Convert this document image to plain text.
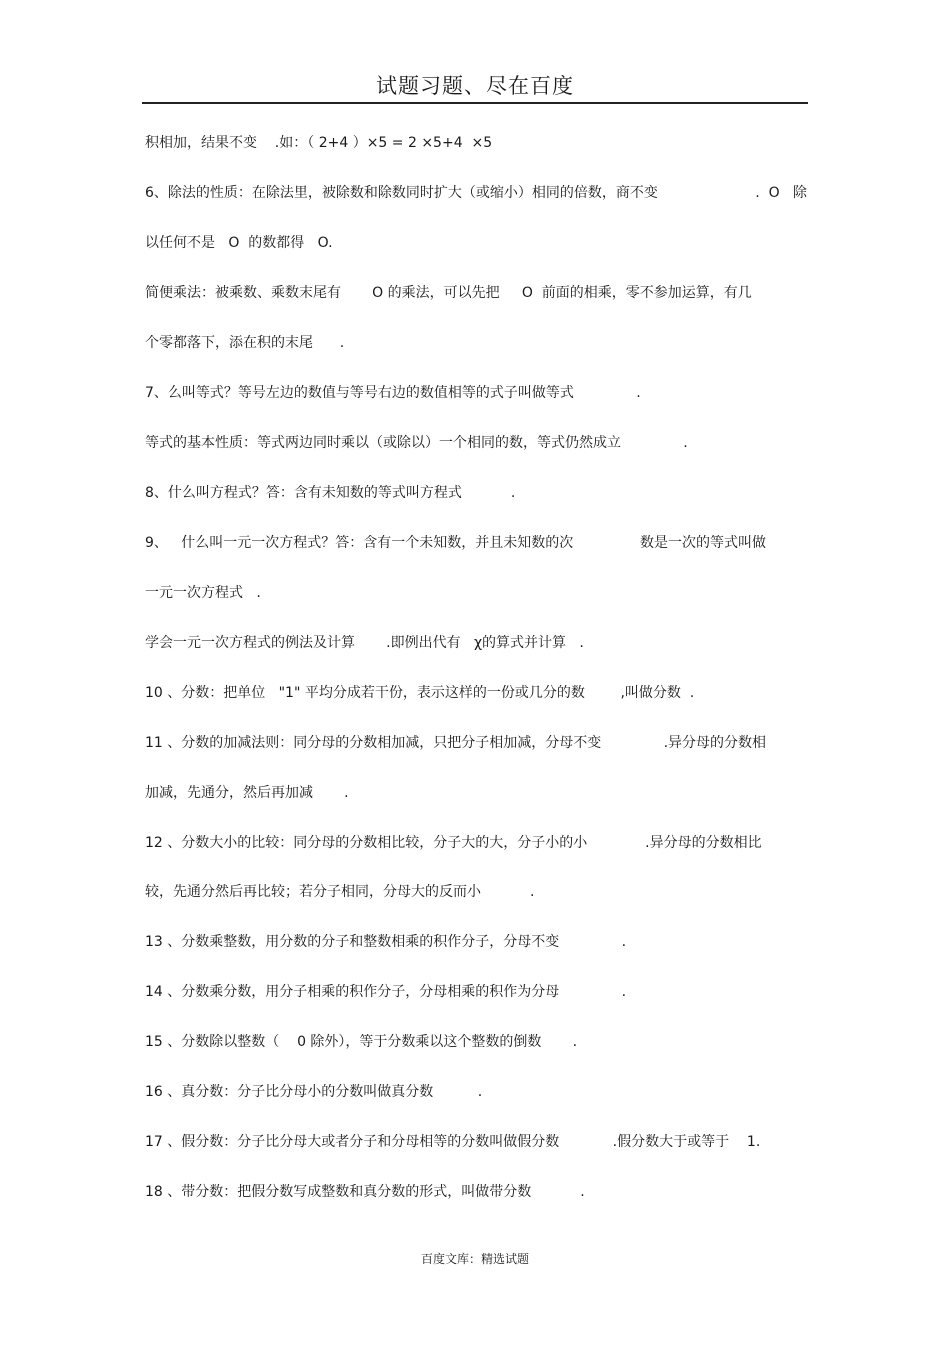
试题习题、尽在百度
积相加，结果不变    .如：（ 2+4 ）×5 = 2 ×5+4  ×5
6、除法的性质：在除法里，被除数和除数同时扩大（或缩小）相同的倍数，商不变	.  O 除
以任何不是   O  的数都得   O.
简便乘法：被乘数、乘数末尾有       O 的乘法，可以先把     O  前面的相乘，零不参加运算，有几
个零都落下，添在积的末尾      .
7、么叫等式？等号左边的数值与等号右边的数值相等的式子叫做等式              .
等式的基本性质：等式两边同时乘以（或除以）一个相同的数，等式仍然成立              .
8、什么叫方程式？答：含有未知数的等式叫方程式           .
9、   什么叫一元一次方程式？答：含有一个未知数，并且未知数的次               数是一次的等式叫做
一元一次方程式   .
学会一元一次方程式的例法及计算       .即例出代有   χ的算式并计算   .
10 、分数：把单位   "1" 平均分成若干份，表示这样的一份或几分的数        ,叫做分数  .
11 、分数的加减法则：同分母的分数相加减，只把分子相加减，分母不变              .异分母的分数相
加减，先通分，然后再加减       .
12 、分数大小的比较：同分母的分数相比较，分子大的大，分子小的小             .异分母的分数相比
较，先通分然后再比较；若分子相同，分母大的反而小           .
13 、分数乘整数，用分数的分子和整数相乘的积作分子，分母不变              .
14 、分数乘分数，用分子相乘的积作分子，分母相乘的积作为分母              .
15 、分数除以整数（    0 除外），等于分数乘以这个整数的倒数       .
16 、真分数：分子比分母小的分数叫做真分数          .
17 、假分数：分子比分母大或者分子和分母相等的分数叫做假分数            .假分数大于或等于    1.
18 、带分数：把假分数写成整数和真分数的形式，叫做带分数           .
百度文库：精选试题
